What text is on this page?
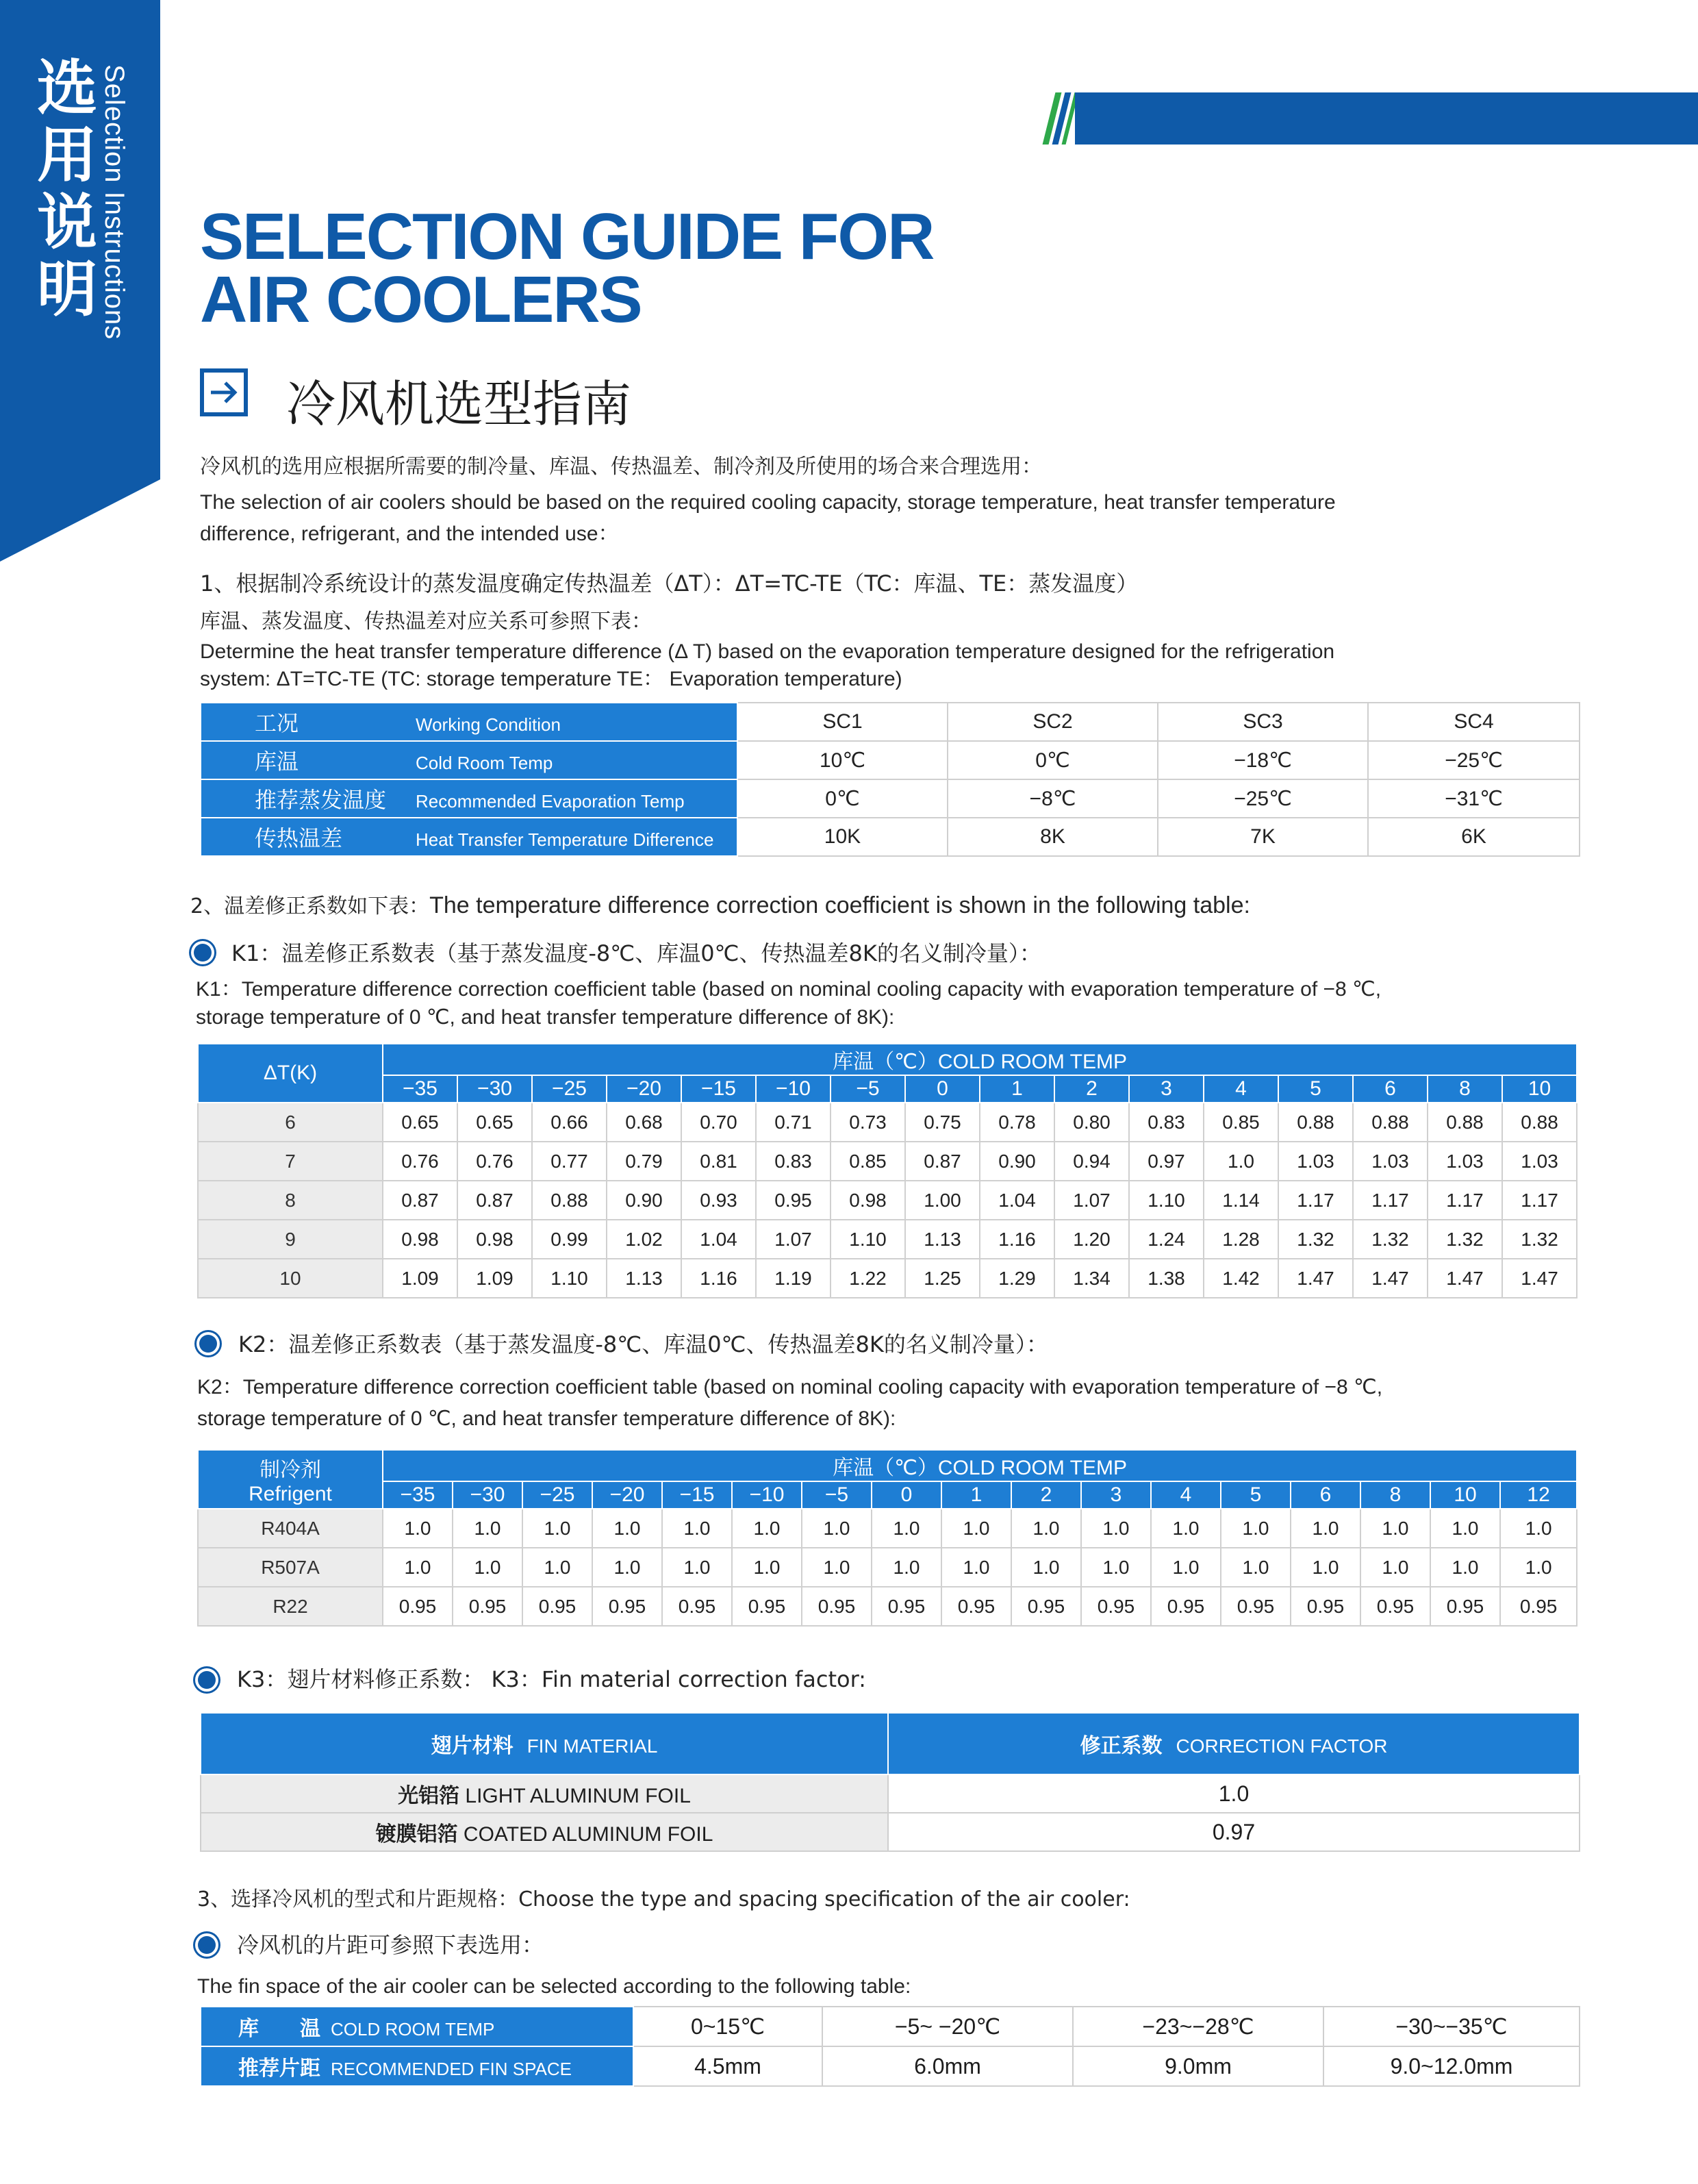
选
用
说
明 Selection Instructions SELECTION GUIDE FOR
AIR COOLERS
冷风机选型指南
冷风机的选用应根据所需要的制冷量、库温、传热温差、制冷剂及所使用的场合来合理选用：
The selection of air coolers should be based on the required cooling capacity, storage temperature, heat transfer temperature
difference, refrigerant, and the intended use：
1、根据制冷系统设计的蒸发温度确定传热温差（ΔT）：ΔT=TC-TE（TC：库温、TE：蒸发温度）
库温、蒸发温度、传热温差对应关系可参照下表：
Determine the heat transfer temperature difference (Δ T) based on the evaporation temperature designed for the refrigeration
system: ΔT=TC-TE (TC: storage temperature TE： Evaporation temperature)
工况 Working Condition	SC1	SC2	SC3	SC4
库温 Cold Room Temp	10℃	0℃	−18℃	−25℃
推荐蒸发温度 Recommended Evaporation Temp	0℃	−8℃	−25℃	−31℃
传热温差 Heat Transfer Temperature Difference	10K	8K	7K	6K
2、温差修正系数如下表：The temperature difference correction coefficient is shown in the following table:
K1：温差修正系数表（基于蒸发温度-8℃、库温0℃、传热温差8K的名义制冷量）：
K1：Temperature difference correction coefficient table (based on nominal cooling capacity with evaporation temperature of −8 ℃,
storage temperature of 0 ℃, and heat transfer temperature difference of 8K):
ΔT(K)	库温（℃）COLD ROOM TEMP															
	−35	−30	−25	−20	−15	−10	−5	0	1	2	3	4	5	6	8	10
6	0.65	0.65	0.66	0.68	0.70	0.71	0.73	0.75	0.78	0.80	0.83	0.85	0.88	0.88	0.88	0.88
7	0.76	0.76	0.77	0.79	0.81	0.83	0.85	0.87	0.90	0.94	0.97	1.0	1.03	1.03	1.03	1.03
8	0.87	0.87	0.88	0.90	0.93	0.95	0.98	1.00	1.04	1.07	1.10	1.14	1.17	1.17	1.17	1.17
9	0.98	0.98	0.99	1.02	1.04	1.07	1.10	1.13	1.16	1.20	1.24	1.28	1.32	1.32	1.32	1.32
10	1.09	1.09	1.10	1.13	1.16	1.19	1.22	1.25	1.29	1.34	1.38	1.42	1.47	1.47	1.47	1.47
K2：温差修正系数表（基于蒸发温度-8℃、库温0℃、传热温差8K的名义制冷量）：
K2：Temperature difference correction coefficient table (based on nominal cooling capacity with evaporation temperature of −8 ℃,
storage temperature of 0 ℃, and heat transfer temperature difference of 8K):
制冷剂
Refrigent	库温（℃）COLD ROOM TEMP																
	−35	−30	−25	−20	−15	−10	−5	0	1	2	3	4	5	6	8	10	12
R404A	1.0	1.0	1.0	1.0	1.0	1.0	1.0	1.0	1.0	1.0	1.0	1.0	1.0	1.0	1.0	1.0	1.0
R507A	1.0	1.0	1.0	1.0	1.0	1.0	1.0	1.0	1.0	1.0	1.0	1.0	1.0	1.0	1.0	1.0	1.0
R22	0.95	0.95	0.95	0.95	0.95	0.95	0.95	0.95	0.95	0.95	0.95	0.95	0.95	0.95	0.95	0.95	0.95
K3：翅片材料修正系数： K3：Fin material correction factor:
翅片材料 FIN MATERIAL	修正系数 CORRECTION FACTOR
光铝箔 LIGHT ALUMINUM FOIL	1.0
镀膜铝箔 COATED ALUMINUM FOIL	0.97
3、选择冷风机的型式和片距规格：Choose the type and spacing specification of the air cooler:
冷风机的片距可参照下表选用：
The fin space of the air cooler can be selected according to the following table:
库　　温 COLD ROOM TEMP	0~15℃	−5~ −20℃	−23~−28℃	−30~−35℃
推荐片距 RECOMMENDED FIN SPACE	4.5mm	6.0mm	9.0mm	9.0~12.0mm
